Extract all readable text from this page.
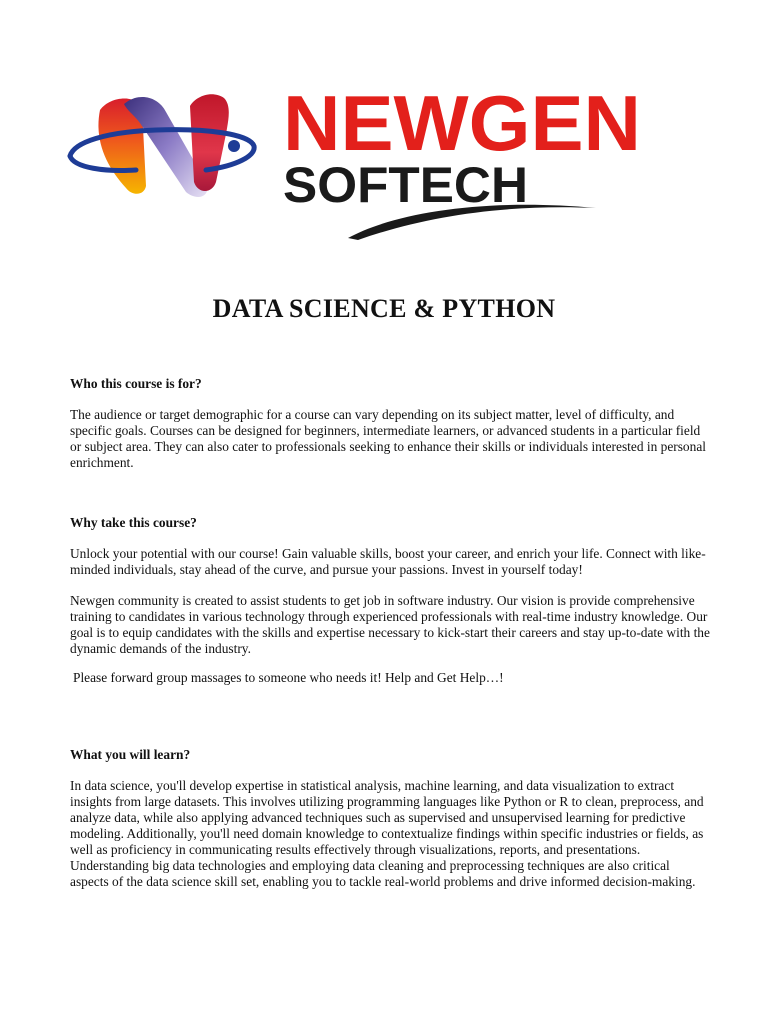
NEWGEN
SOFTECH
DATA SCIENCE & PYTHON

Who this course is for?

The audience or target demographic for a course can vary depending on its subject matter, level of difficulty, and specific goals. Courses can be designed for beginners, intermediate learners, or advanced students in a particular field or subject area. They can also cater to professionals seeking to enhance their skills or individuals interested in personal enrichment.

Why take this course?

Unlock your potential with our course! Gain valuable skills, boost your career, and enrich your life. Connect with like-minded individuals, stay ahead of the curve, and pursue your passions. Invest in yourself today!

Newgen community is created to assist students to get job in software industry. Our vision is provide comprehensive training to candidates in various technology through experienced professionals with real-time industry knowledge. Our goal is to equip candidates with the skills and expertise necessary to kick-start their careers and stay up-to-date with the dynamic demands of the industry.

Please forward group massages to someone who needs it! Help and Get Help…!

What you will learn?

In data science, you'll develop expertise in statistical analysis, machine learning, and data visualization to extract insights from large datasets. This involves utilizing programming languages like Python or R to clean, preprocess, and analyze data, while also applying advanced techniques such as supervised and unsupervised learning for predictive modeling. Additionally, you'll need domain knowledge to contextualize findings within specific industries or fields, as well as proficiency in communicating results effectively through visualizations, reports, and presentations. Understanding big data technologies and employing data cleaning and preprocessing techniques are also critical aspects of the data science skill set, enabling you to tackle real-world problems and drive informed decision-making.
